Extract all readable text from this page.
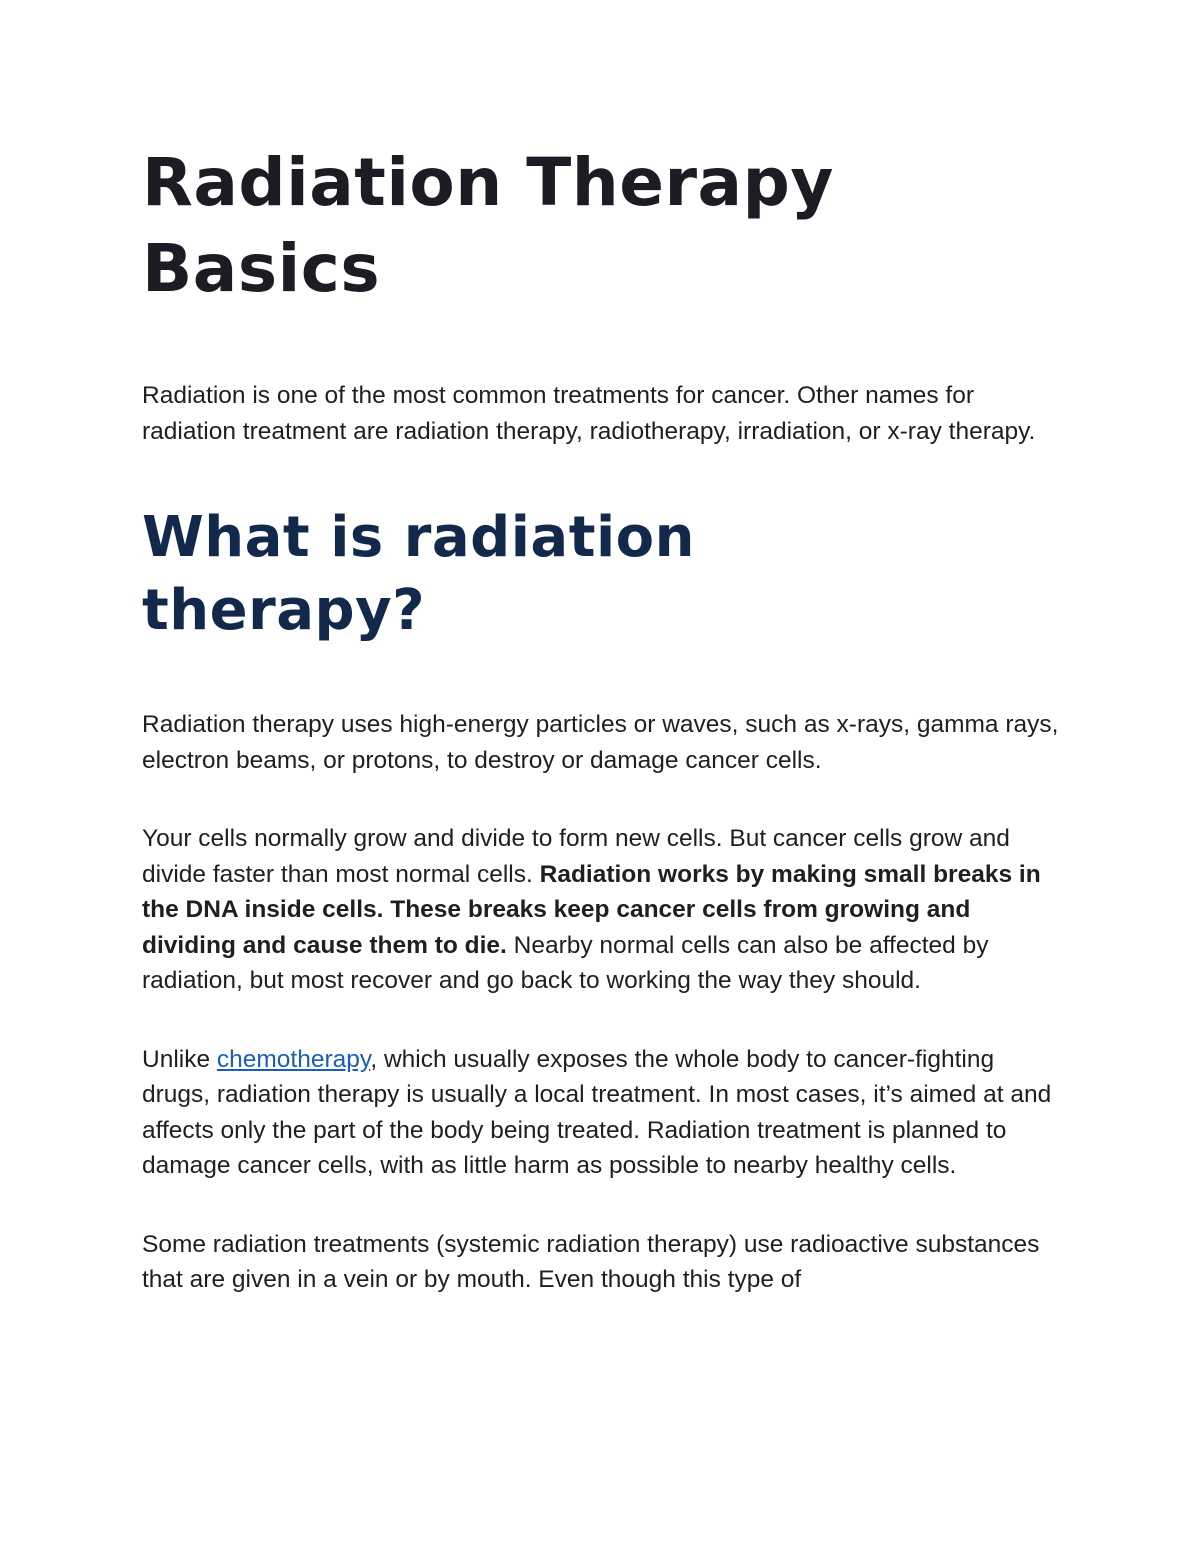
Radiation Therapy
Basics

Radiation is one of the most common treatments for cancer. Other names for radiation treatment are radiation therapy, radiotherapy, irradiation, or x-ray therapy.

What is radiation
therapy?

Radiation therapy uses high-energy particles or waves, such as x-rays, gamma rays, electron beams, or protons, to destroy or damage cancer cells.

Your cells normally grow and divide to form new cells. But cancer cells grow and divide faster than most normal cells. Radiation works by making small breaks in the DNA inside cells. These breaks keep cancer cells from growing and dividing and cause them to die. Nearby normal cells can also be affected by radiation, but most recover and go back to working the way they should.

Unlike chemotherapy, which usually exposes the whole body to cancer-fighting drugs, radiation therapy is usually a local treatment. In most cases, it’s aimed at and affects only the part of the body being treated. Radiation treatment is planned to damage cancer cells, with as little harm as possible to nearby healthy cells.

Some radiation treatments (systemic radiation therapy) use radioactive substances that are given in a vein or by mouth. Even though this type of
